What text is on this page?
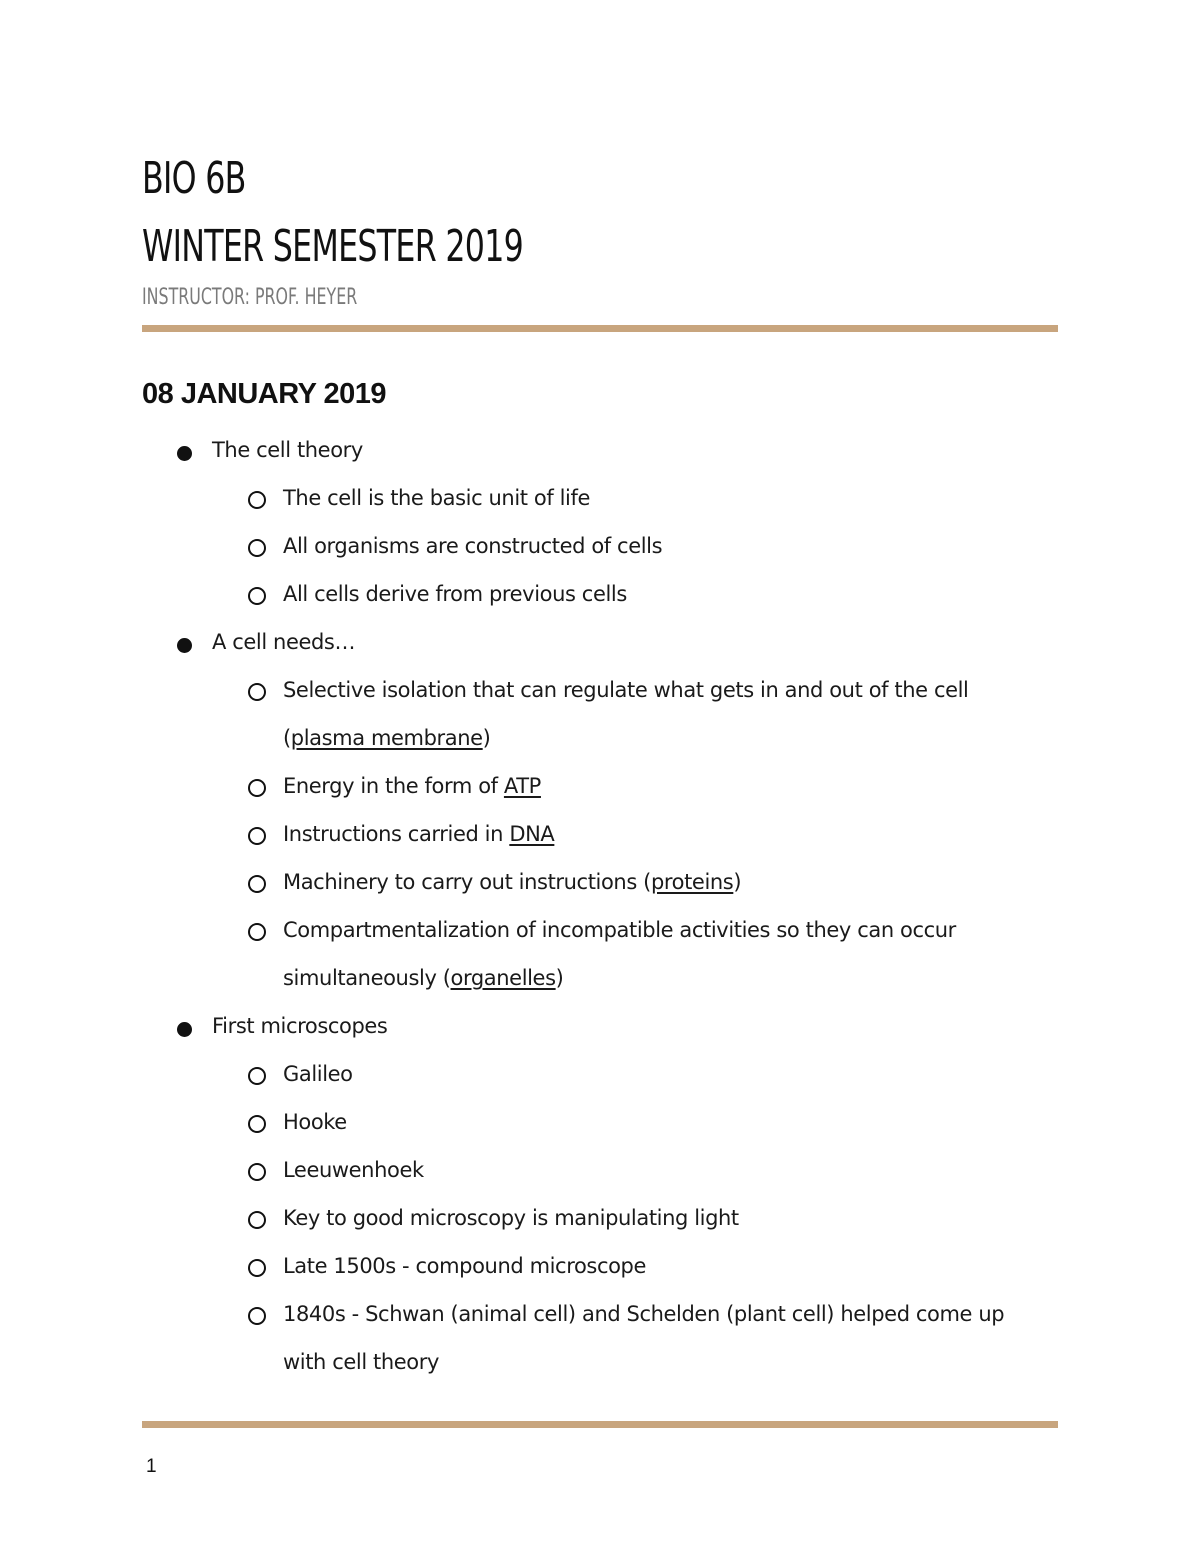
BIO 6B
WINTER SEMESTER 2019
INSTRUCTOR: PROF. HEYER
08 JANUARY 2019
The cell theory
The cell is the basic unit of life
All organisms are constructed of cells
All cells derive from previous cells
A cell needs…
Selective isolation that can regulate what gets in and out of the cell
(plasma membrane)
Energy in the form of ATP
Instructions carried in DNA
Machinery to carry out instructions (proteins)
Compartmentalization of incompatible activities so they can occur
simultaneously (organelles)
First microscopes
Galileo
Hooke
Leeuwenhoek
Key to good microscopy is manipulating light
Late 1500s - compound microscope
1840s - Schwan (animal cell) and Schelden (plant cell) helped come up
with cell theory
1
